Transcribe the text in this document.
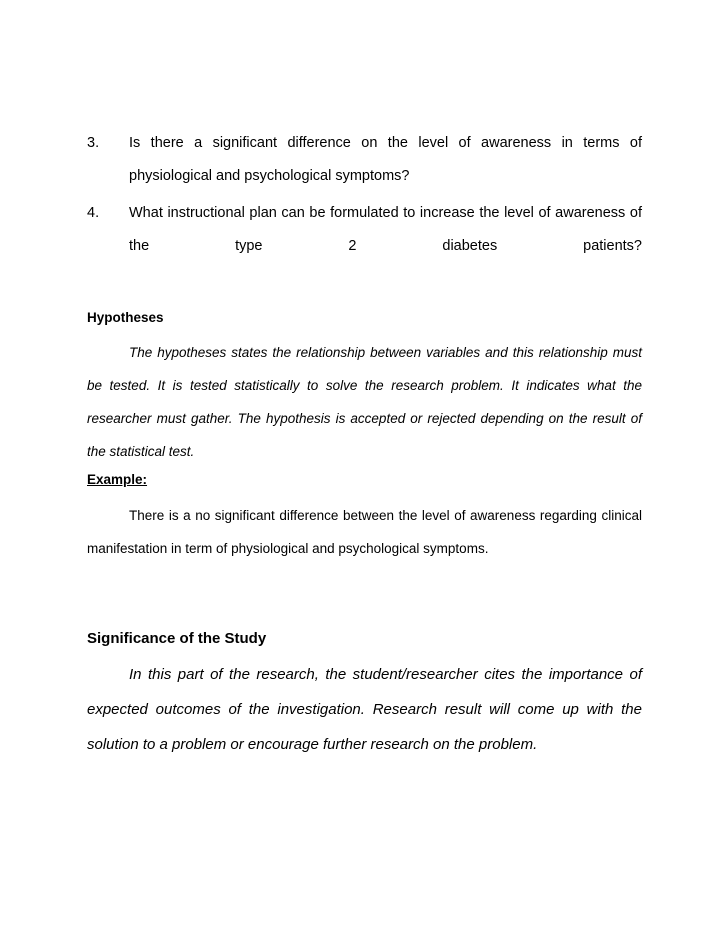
3. Is there a significant difference on the level of awareness in terms of physiological and psychological symptoms?
4. What instructional plan can be formulated to increase the level of awareness of the type 2 diabetes patients?
Hypotheses
The hypotheses states the relationship between variables and this relationship must be tested. It is tested statistically to solve the research problem. It indicates what the researcher must gather. The hypothesis is accepted or rejected depending on the result of the statistical test.
Example:
There is a no significant difference between the level of awareness regarding clinical manifestation in term of physiological and psychological symptoms.
Significance of the Study
In this part of the research, the student/researcher cites the importance of expected outcomes of the investigation. Research result will come up with the solution to a problem or encourage further research on the problem.
